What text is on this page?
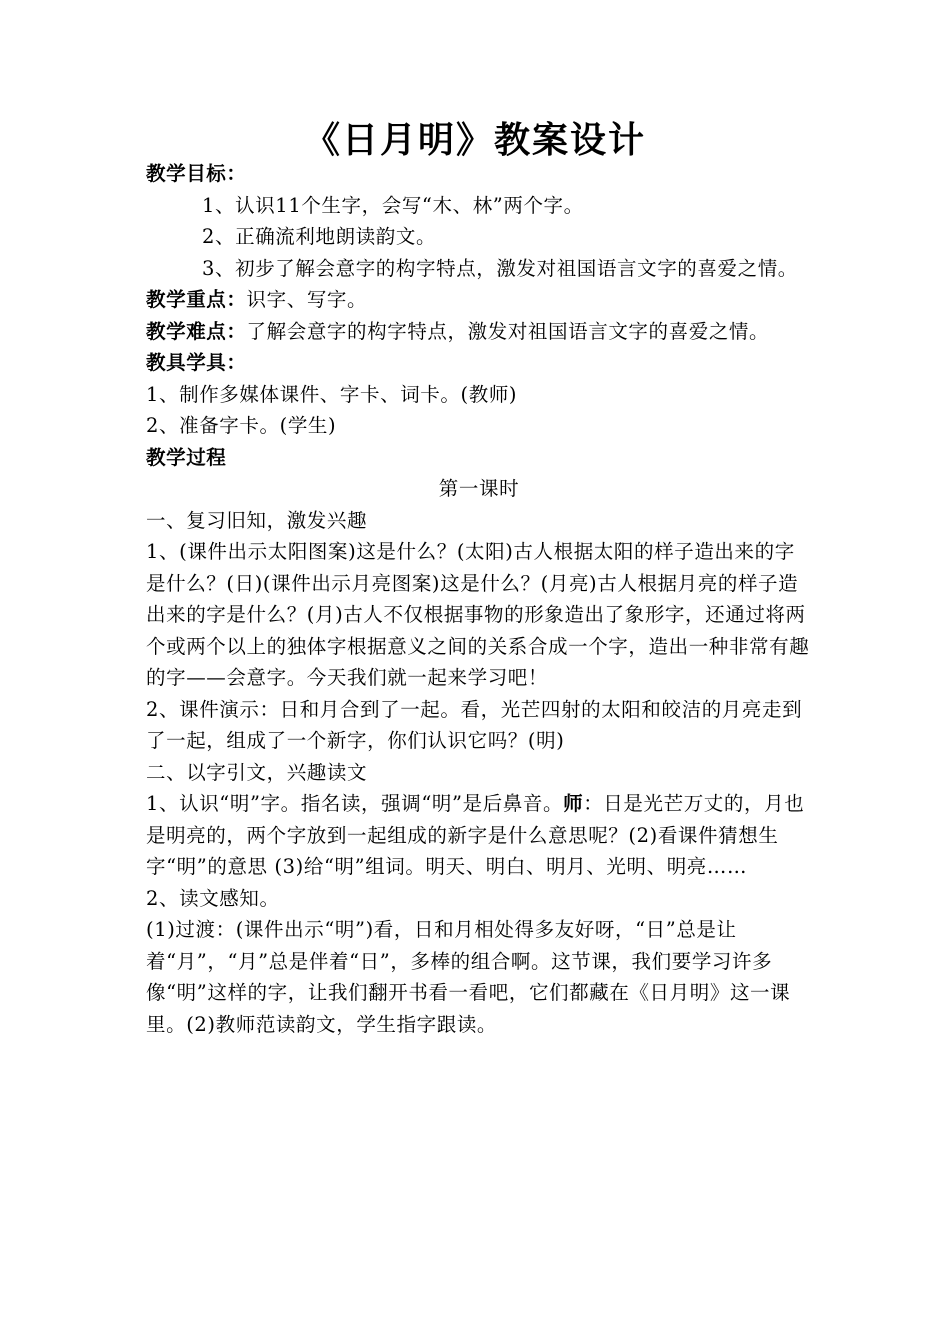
《日月明》教案设计

教学目标：

1、认识11个生字，会写“木、林”两个字。

2、正确流利地朗读韵文。

3、初步了解会意字的构字特点，激发对祖国语言文字的喜爱之情。

教学重点：识字、写字。

教学难点：了解会意字的构字特点，激发对祖国语言文字的喜爱之情。

教具学具：

1、制作多媒体课件、字卡、词卡。(教师)

2、准备字卡。(学生)

教学过程

第一课时

一、复习旧知，激发兴趣

1、(课件出示太阳图案)这是什么？(太阳)古人根据太阳的样子造出来的字是什么？(日)(课件出示月亮图案)这是什么？(月亮)古人根据月亮的样子造出来的字是什么？(月)古人不仅根据事物的形象造出了象形字，还通过将两个或两个以上的独体字根据意义之间的关系合成一个字，造出一种非常有趣的字——会意字。今天我们就一起来学习吧！

2、课件演示：日和月合到了一起。看，光芒四射的太阳和皎洁的月亮走到了一起，组成了一个新字，你们认识它吗？(明)

二、以字引文，兴趣读文

1、认识“明”字。指名读，强调“明”是后鼻音。师：日是光芒万丈的，月也是明亮的，两个字放到一起组成的新字是什么意思呢？(2)看课件猜想生字“明”的意思 (3)给“明”组词。明天、明白、明月、光明、明亮……

2、读文感知。

(1)过渡：(课件出示“明”)看，日和月相处得多友好呀，“日”总是让着“月”，“月”总是伴着“日”，多棒的组合啊。这节课，我们要学习许多像“明”这样的字，让我们翻开书看一看吧，它们都藏在《日月明》这一课里。(2)教师范读韵文，学生指字跟读。
